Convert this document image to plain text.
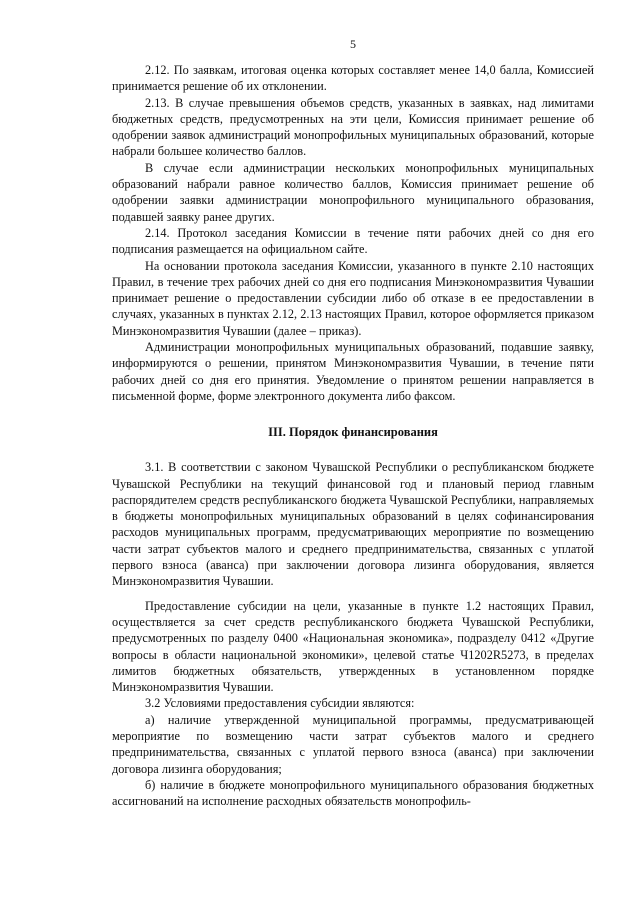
5

2.12. По заявкам, итоговая оценка которых составляет менее 14,0 балла, Комиссией принимается решение об их отклонении.

2.13. В случае превышения объемов средств, указанных в заявках, над лимитами бюджетных средств, предусмотренных на эти цели, Комиссия принимает решение об одобрении заявок администраций монопрофильных муниципальных образований, которые набрали большее количество баллов.

В случае если администрации нескольких монопрофильных муниципальных образований набрали равное количество баллов, Комиссия принимает решение об одобрении заявки администрации монопрофильного муниципального образования, подавшей заявку ранее других.

2.14. Протокол заседания Комиссии в течение пяти рабочих дней со дня его подписания размещается на официальном сайте.

На основании протокола заседания Комиссии, указанного в пункте 2.10 настоящих Правил, в течение трех рабочих дней со дня его подписания Минэкономразвития Чувашии принимает решение о предоставлении субсидии либо об отказе в ее предоставлении в случаях, указанных в пунктах 2.12, 2.13 настоящих Правил, которое оформляется приказом Минэкономразвития Чувашии (далее – приказ).

Администрации монопрофильных муниципальных образований, подавшие заявку, информируются о решении, принятом Минэкономразвития Чувашии, в течение пяти рабочих дней со дня его принятия. Уведомление о принятом решении направляется в письменной форме, форме электронного документа либо факсом.

III. Порядок финансирования

3.1. В соответствии с законом Чувашской Республики о республиканском бюджете Чувашской Республики на текущий финансовой год и плановый период главным распорядителем средств республиканского бюджета Чувашской Республики, направляемых в бюджеты монопрофильных муниципальных образований в целях софинансирования расходов муниципальных программ, предусматривающих мероприятие по возмещению части затрат субъектов малого и среднего предпринимательства, связанных с уплатой первого взноса (аванса) при заключении договора лизинга оборудования, является Минэкономразвития Чувашии.

Предоставление субсидии на цели, указанные в пункте 1.2 настоящих Правил, осуществляется за счет средств республиканского бюджета Чувашской Республики, предусмотренных по разделу 0400 «Национальная экономика», подразделу 0412 «Другие вопросы в области национальной экономики», целевой статье Ч1202R5273, в пределах лимитов бюджетных обязательств, утвержденных в установленном порядке Минэкономразвития Чувашии.

3.2 Условиями предоставления субсидии являются:

а) наличие утвержденной муниципальной программы, предусматривающей мероприятие по возмещению части затрат субъектов малого и среднего предпринимательства, связанных с уплатой первого взноса (аванса) при заключении договора лизинга оборудования;

б) наличие в бюджете монопрофильного муниципального образования бюджетных ассигнований на исполнение расходных обязательств монопрофиль-
